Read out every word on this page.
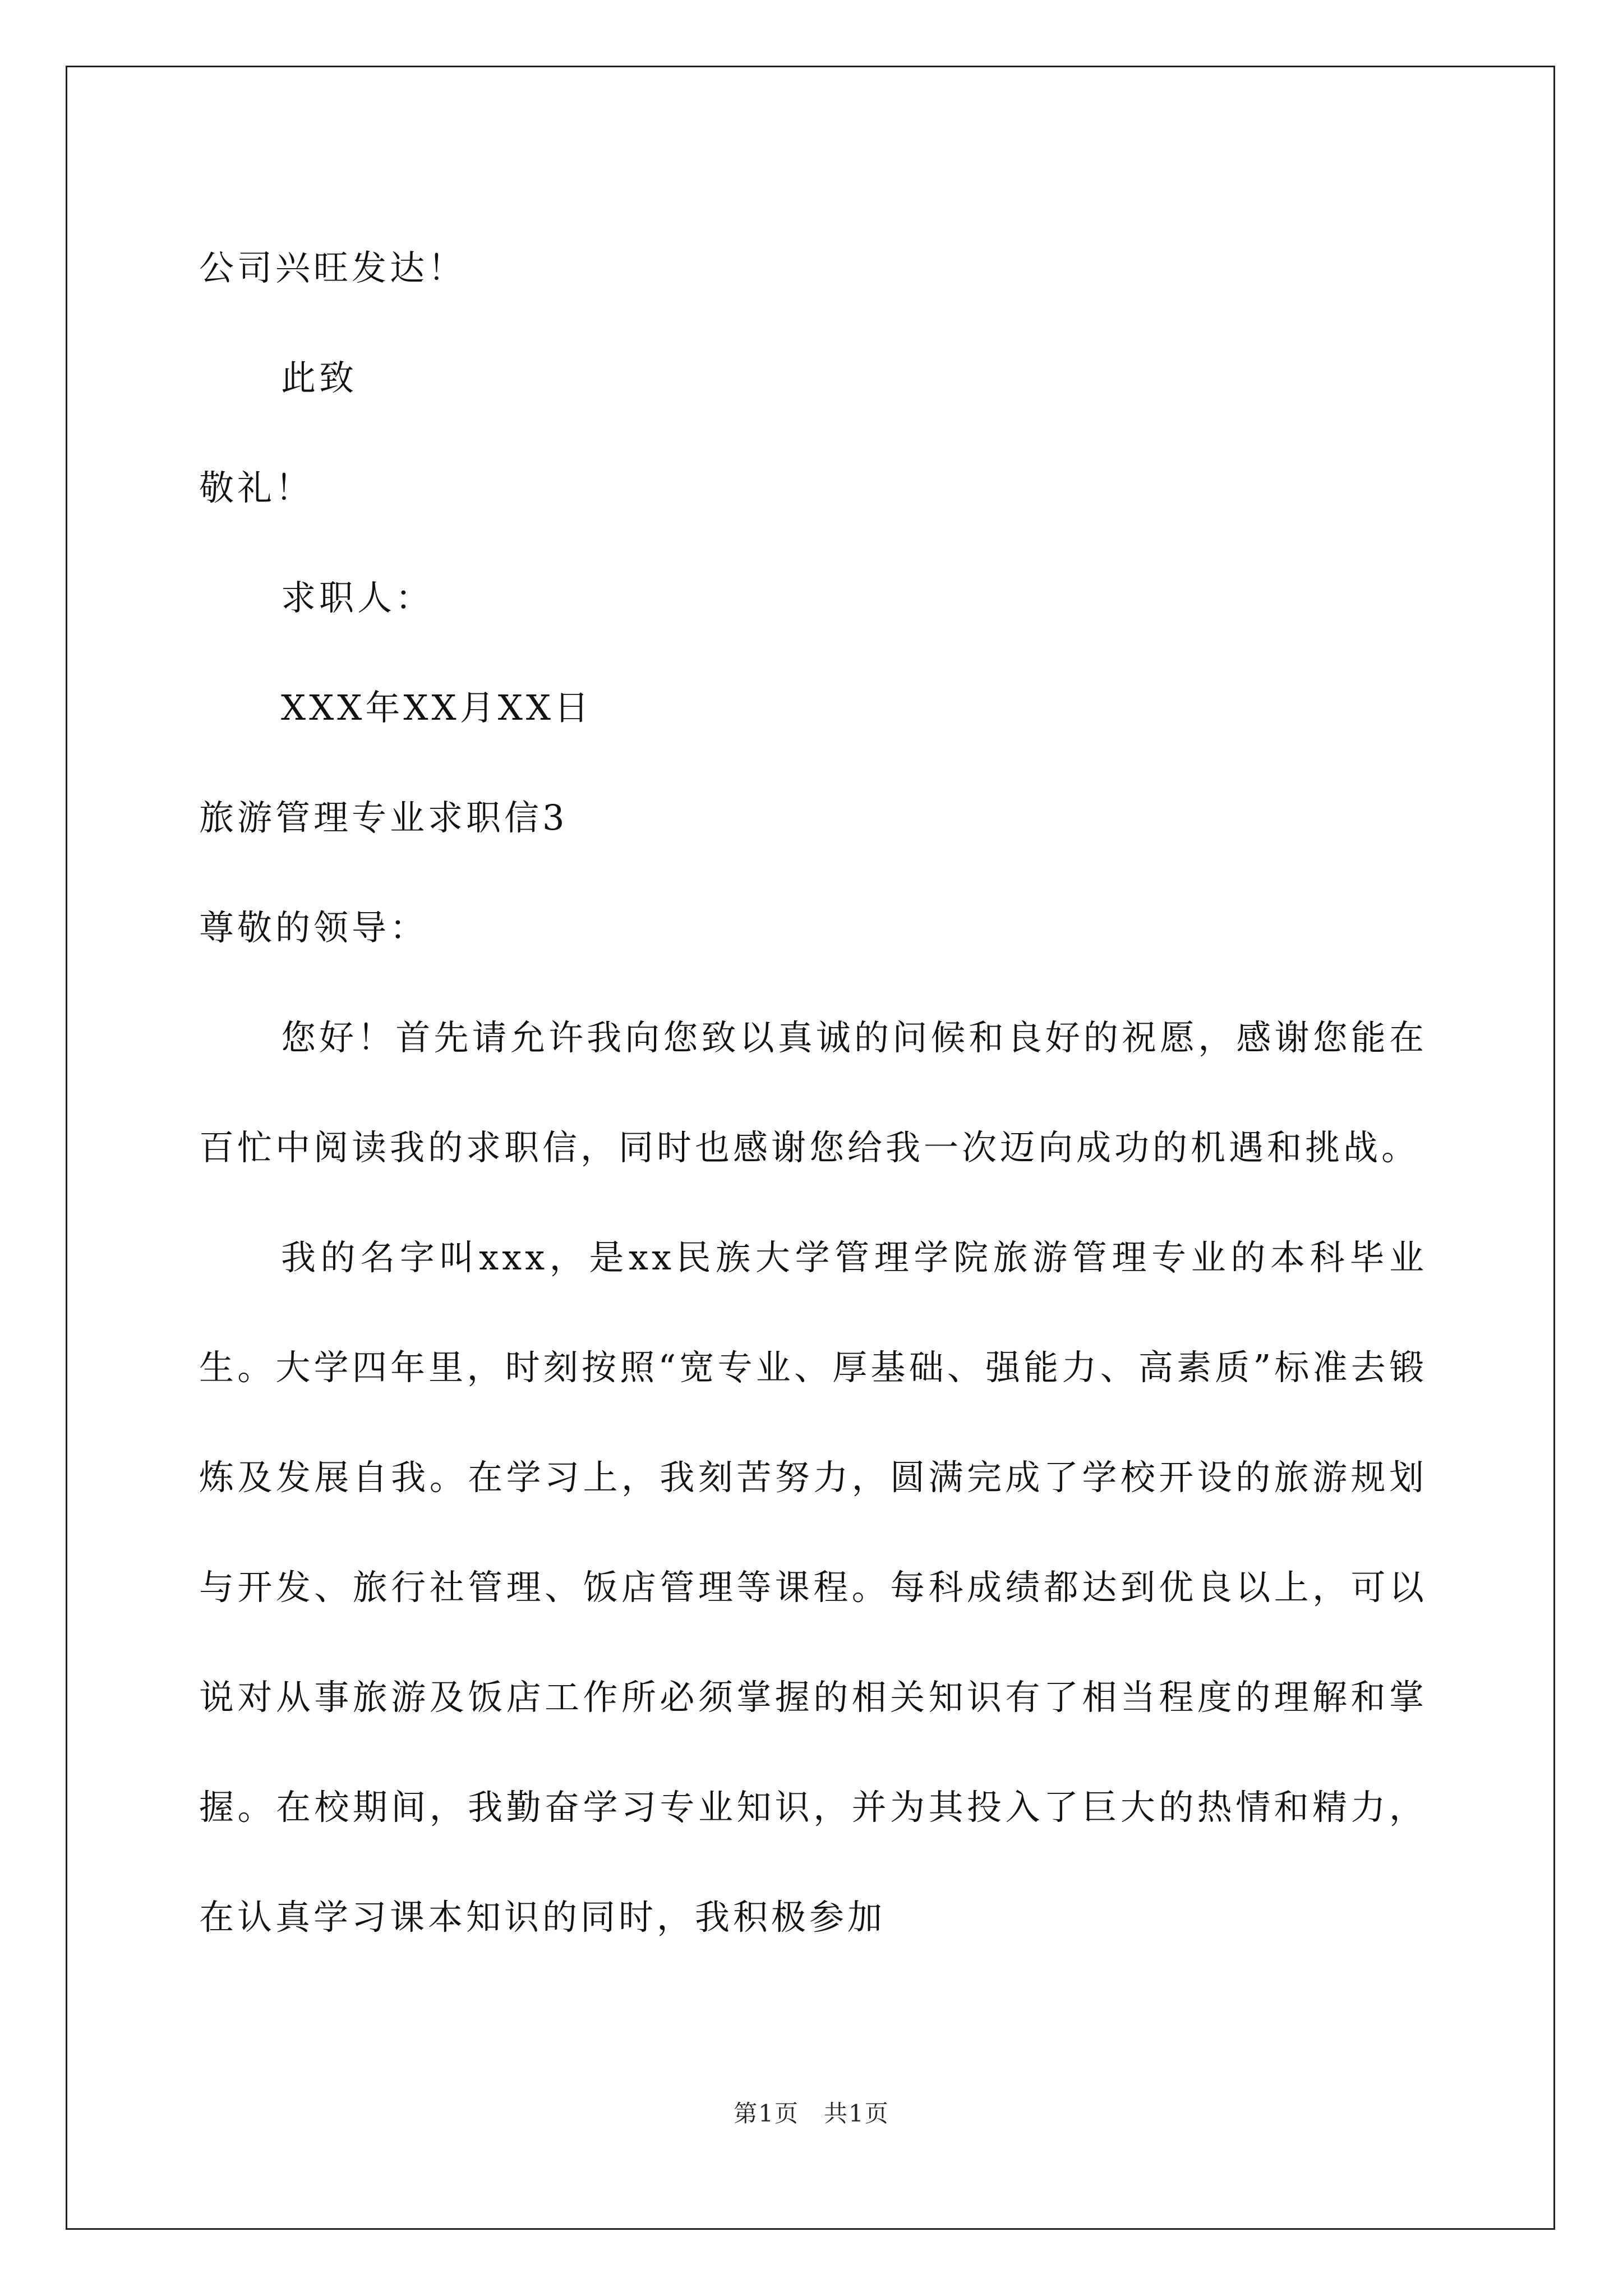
公司兴旺发达！
此致
敬礼！
求职人：
XXX年XX月XX日
旅游管理专业求职信3
尊敬的领导：
您好！首先请允许我向您致以真诚的问候和良好的祝愿，感谢您能在百忙中阅读我的求职信，同时也感谢您给我一次迈向成功的机遇和挑战。
我的名字叫xxx，是xx民族大学管理学院旅游管理专业的本科毕业生。大学四年里，时刻按照“宽专业、厚基础、强能力、高素质”标准去锻炼及发展自我。在学习上，我刻苦努力，圆满完成了学校开设的旅游规划与开发、旅行社管理、饭店管理等课程。每科成绩都达到优良以上，可以说对从事旅游及饭店工作所必须掌握的相关知识有了相当程度的理解和掌握。在校期间，我勤奋学习专业知识，并为其投入了巨大的热情和精力，在认真学习课本知识的同时，我积极参加
第1页　共1页
